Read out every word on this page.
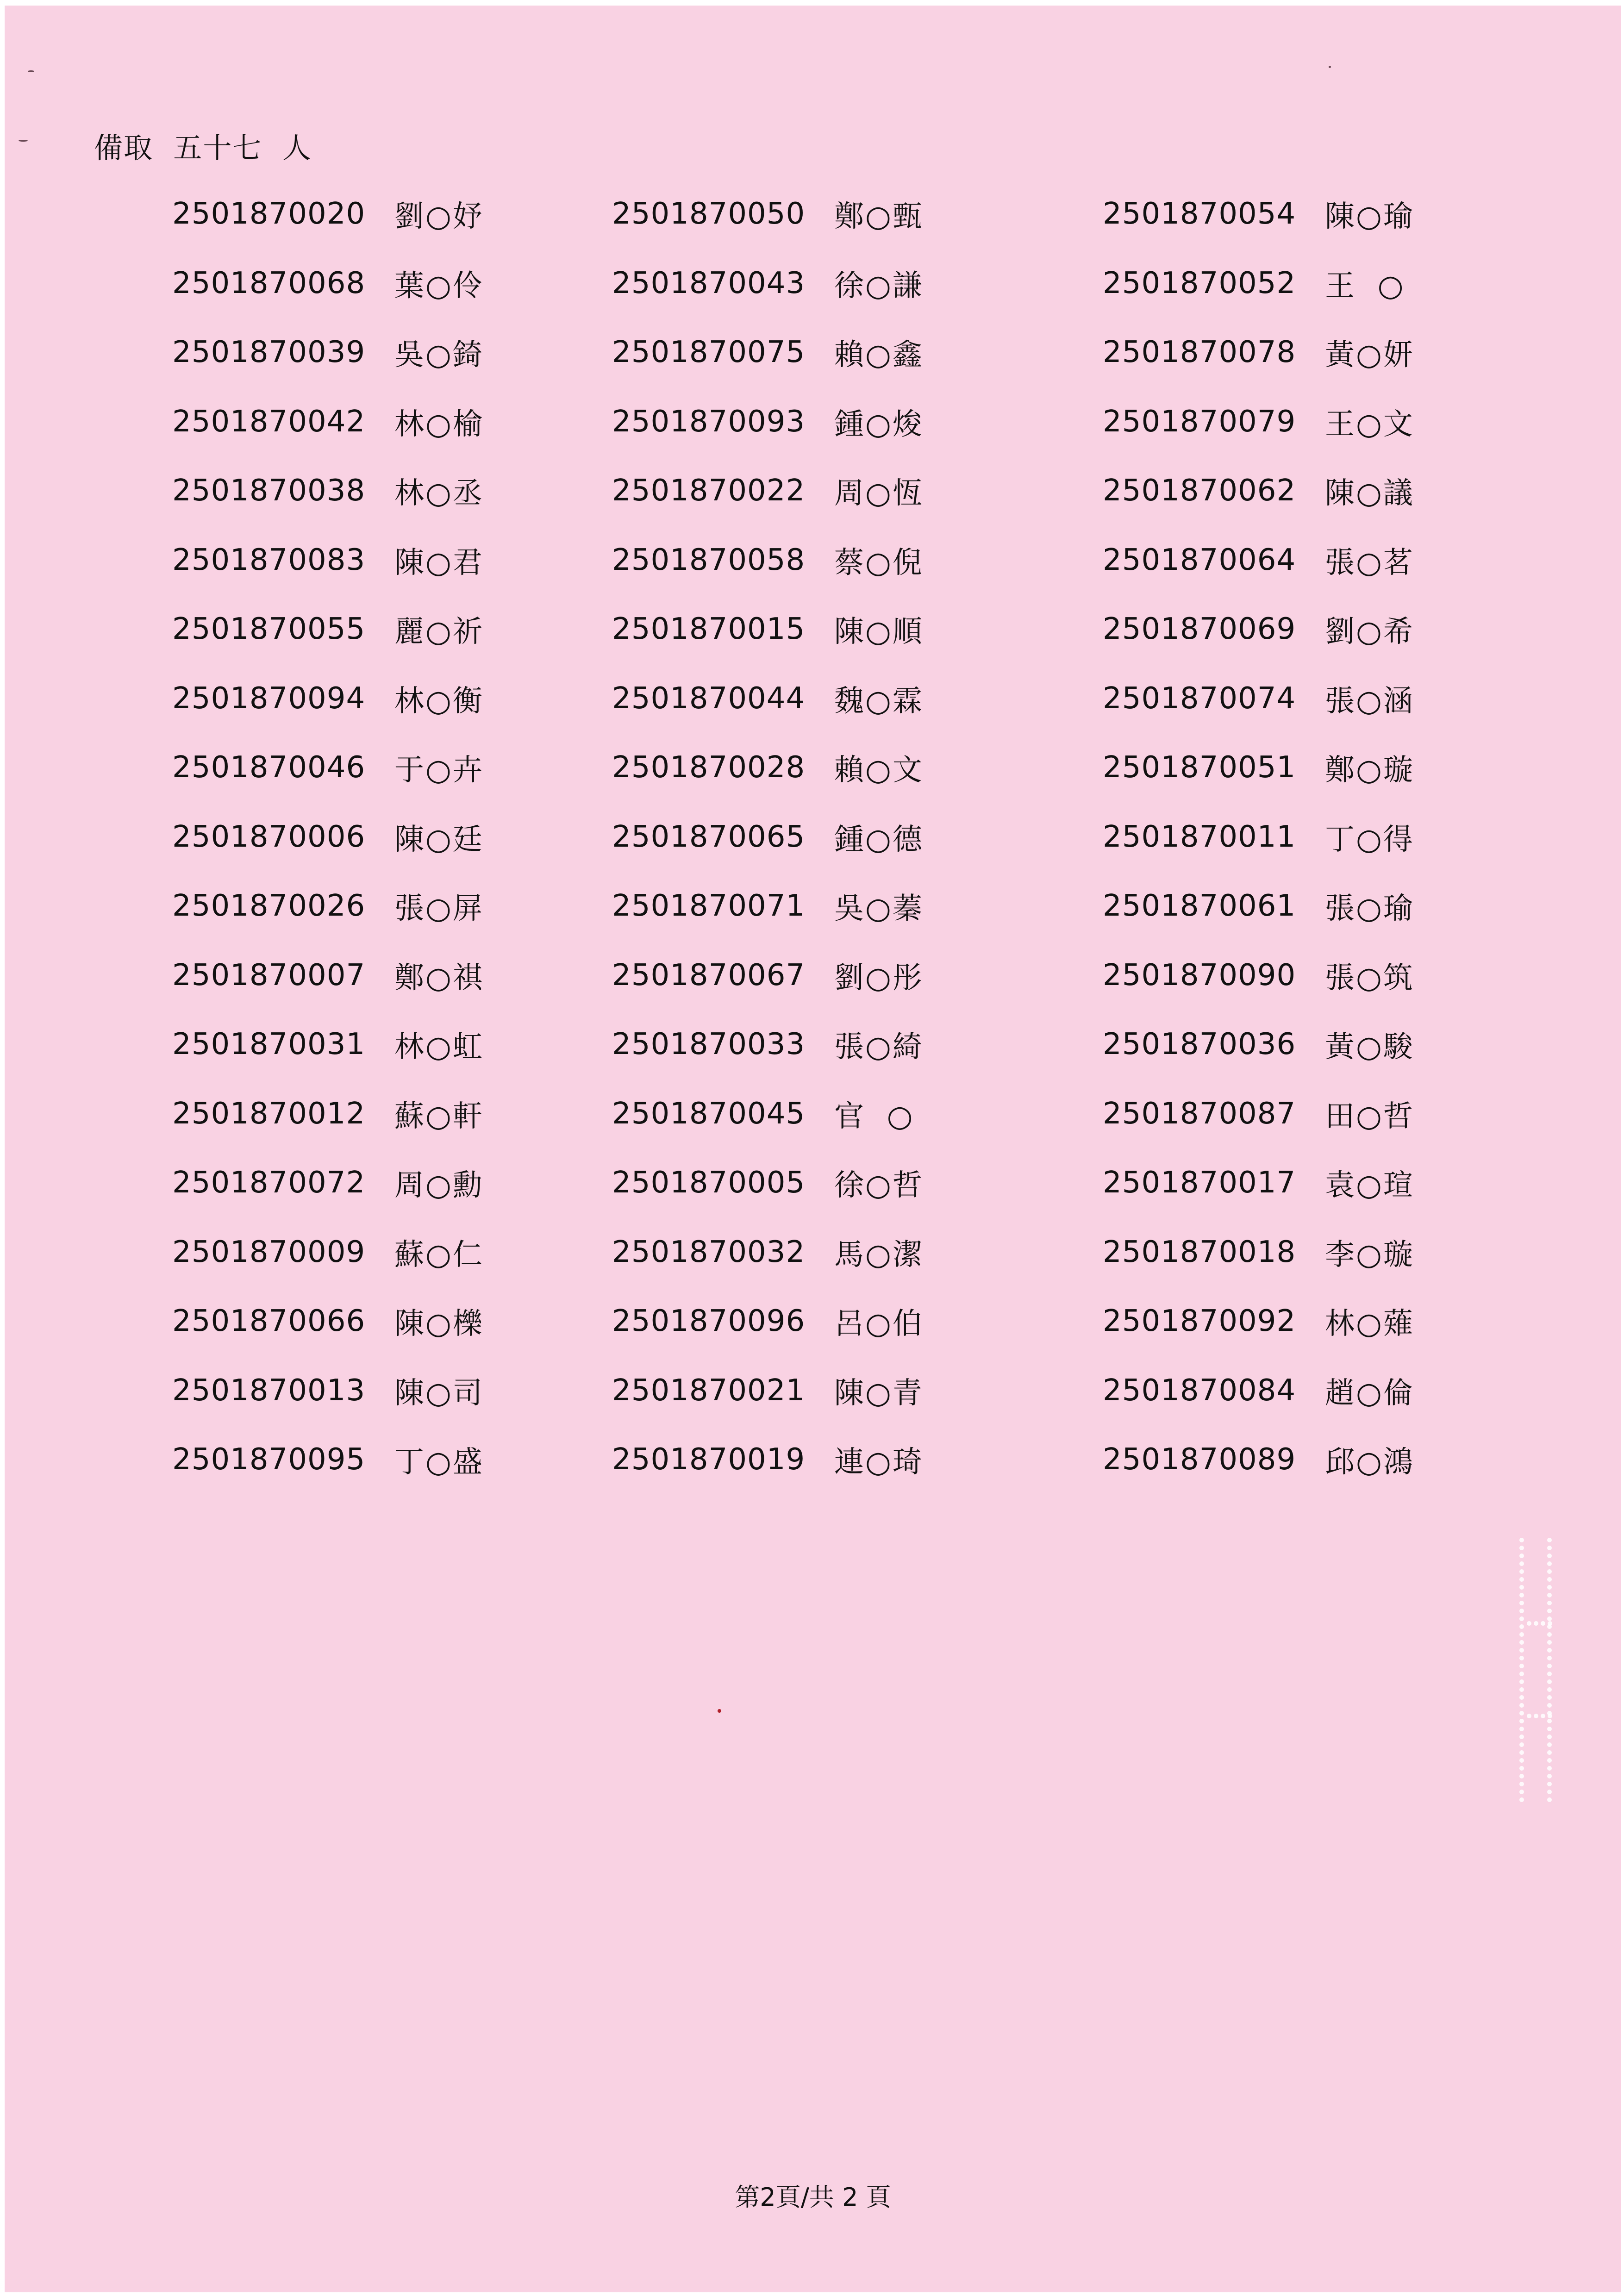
備取  五十七  人
2501870020 劉○妤	2501870050 鄭○甄	2501870054 陳○瑜
2501870068 葉○伶	2501870043 徐○謙	2501870052 王  ○
2501870039 吳○錡	2501870075 賴○鑫	2501870078 黃○妍
2501870042 林○榆	2501870093 鍾○焌	2501870079 王○文
2501870038 林○丞	2501870022 周○恆	2501870062 陳○議
2501870083 陳○君	2501870058 蔡○倪	2501870064 張○茗
2501870055 麗○祈	2501870015 陳○順	2501870069 劉○希
2501870094 林○衡	2501870044 魏○霖	2501870074 張○涵
2501870046 于○卉	2501870028 賴○文	2501870051 鄭○璇
2501870006 陳○廷	2501870065 鍾○德	2501870011 丁○得
2501870026 張○屏	2501870071 吳○蓁	2501870061 張○瑜
2501870007 鄭○祺	2501870067 劉○彤	2501870090 張○筑
2501870031 林○虹	2501870033 張○綺	2501870036 黃○駿
2501870012 蘇○軒	2501870045 官  ○	2501870087 田○哲
2501870072 周○勳	2501870005 徐○哲	2501870017 袁○瑄
2501870009 蘇○仁	2501870032 馬○潔	2501870018 李○璇
2501870066 陳○櫟	2501870096 呂○伯	2501870092 林○薙
2501870013 陳○司	2501870021 陳○青	2501870084 趙○倫
2501870095 丁○盛	2501870019 連○琦	2501870089 邱○鴻
第2頁/共 2 頁
